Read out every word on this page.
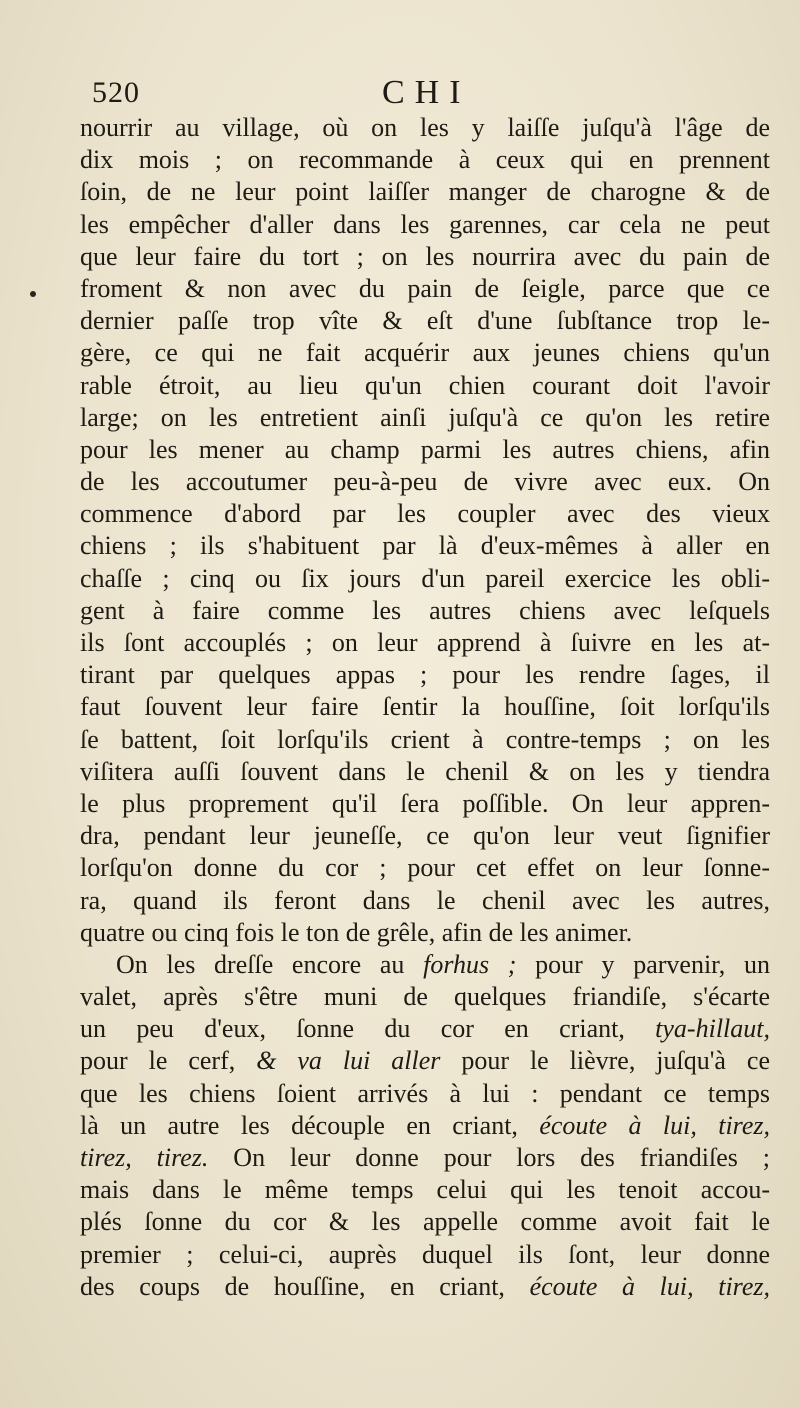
520	CHI
nourrir au village, où on les y laiſſe juſqu'à l'âge de
dix mois ; on recommande à ceux qui en prennent
ſoin, de ne leur point laiſſer manger de charogne & de
les empêcher d'aller dans les garennes, car cela ne peut
que leur faire du tort ; on les nourrira avec du pain de
froment & non avec du pain de ſeigle, parce que ce
dernier paſſe trop vîte & eſt d'une ſubſtance trop le-
gère, ce qui ne fait acquérir aux jeunes chiens qu'un
rable étroit, au lieu qu'un chien courant doit l'avoir
large; on les entretient ainſi juſqu'à ce qu'on les retire
pour les mener au champ parmi les autres chiens, afin
de les accoutumer peu-à-peu de vivre avec eux. On
commence d'abord par les coupler avec des vieux
chiens ; ils s'habituent par là d'eux-mêmes à aller en
chaſſe ; cinq ou ſix jours d'un pareil exercice les obli-
gent à faire comme les autres chiens avec leſquels
ils ſont accouplés ; on leur apprend à ſuivre en les at-
tirant par quelques appas ; pour les rendre ſages, il
faut ſouvent leur faire ſentir la houſſine, ſoit lorſqu'ils
ſe battent, ſoit lorſqu'ils crient à contre-temps ; on les
viſitera auſſi ſouvent dans le chenil & on les y tiendra
le plus proprement qu'il ſera poſſible. On leur appren-
dra, pendant leur jeuneſſe, ce qu'on leur veut ſignifier
lorſqu'on donne du cor ; pour cet effet on leur ſonne-
ra, quand ils feront dans le chenil avec les autres,
quatre ou cinq fois le ton de grêle, afin de les animer.
On les dreſſe encore au forhus ; pour y parvenir, un
valet, après s'être muni de quelques friandiſe, s'écarte
un peu d'eux, ſonne du cor en criant, tya-hillaut,
pour le cerf, & va lui aller pour le lièvre, juſqu'à ce
que les chiens ſoient arrivés à lui : pendant ce temps
là un autre les découple en criant, écoute à lui, tirez,
tirez, tirez. On leur donne pour lors des friandiſes ;
mais dans le même temps celui qui les tenoit accou-
plés ſonne du cor & les appelle comme avoit fait le
premier ; celui-ci, auprès duquel ils ſont, leur donne
des coups de houſſine, en criant, écoute à lui, tirez,
